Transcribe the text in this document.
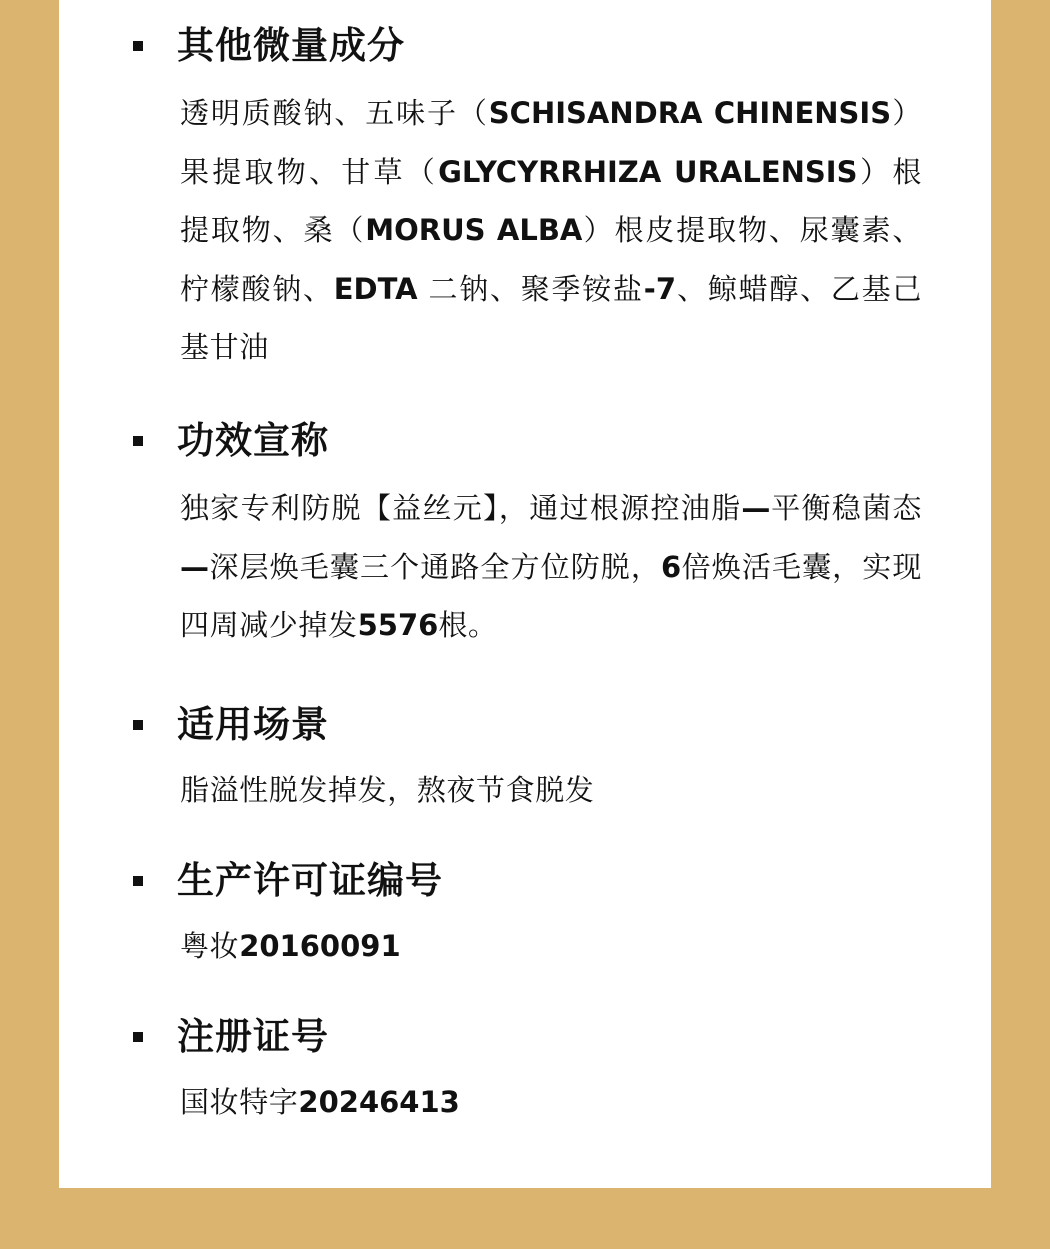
其他微量成分

透明质酸钠、五味子（SCHISANDRA CHINENSIS）果提取物、甘草（GLYCYRRHIZA URALENSIS）根提取物、桑（MORUS ALBA）根皮提取物、尿囊素、柠檬酸钠、EDTA 二钠、聚季铵盐-7、鲸蜡醇、乙基己基甘油

功效宣称

独家专利防脱【益丝元】，通过根源控油脂—平衡稳菌态—深层焕毛囊三个通路全方位防脱，6倍焕活毛囊，实现四周减少掉发5576根。

适用场景

脂溢性脱发掉发，熬夜节食脱发

生产许可证编号

粤妆20160091

注册证号

国妆特字20246413
